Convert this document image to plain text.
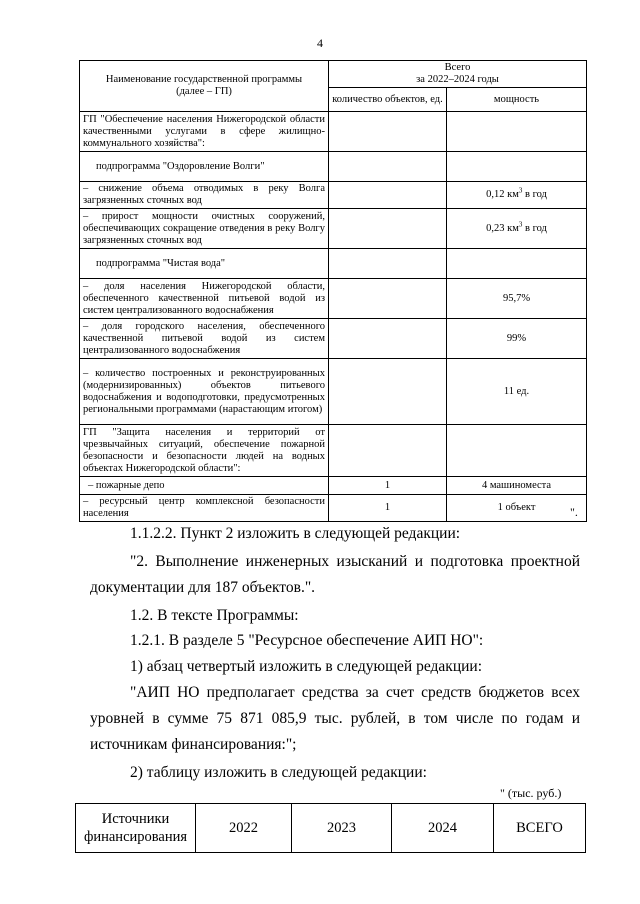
4
Наименование государственной программы (далее – ГП)	Всего
за 2022–2024 годы	

	количество объектов, ед.	мощность
ГП "Обеспечение населения Нижегородской области качественными услугами в сфере жилищно-коммунального хозяйства":		
подпрограмма "Оздоровление Волги"		
– снижение объема отводимых в реку Волга загрязненных сточных вод		0,12 $км^3$ в год
– прирост мощности очистных сооружений, обеспечивающих сокращение отведения в реку Волгу загрязненных сточных вод		0,23 $км^3$ в год
подпрограмма "Чистая вода"		
– доля населения Нижегородской области, обеспеченного качественной питьевой водой из систем централизованного водоснабжения		95,7%
– доля городского населения, обеспеченного качественной питьевой водой из систем централизованного водоснабжения		99%
– количество построенных и реконструированных (модернизированных) объектов питьевого водоснабжения и водоподготовки, предусмотренных региональными программами (нарастающим итогом)		11 ед.
ГП "Защита населения и территорий от чрезвычайных ситуаций, обеспечение пожарной безопасности и безопасности людей на водных объектах Нижегородской области":		
– пожарные депо	1	4 машиноместа
– ресурсный центр комплексной безопасности населения	1	1 объект	".
1.1.2.2. Пункт 2 изложить в следующей редакции:
"2. Выполнение инженерных изысканий и подготовка проектной документации для 187 объектов.".
1.2. В тексте Программы:
1.2.1. В разделе 5 "Ресурсное обеспечение АИП НО":
1) абзац четвертый изложить в следующей редакции:
"АИП НО предполагает средства за счет средств бюджетов всех уровней в сумме 75 871 085,9 тыс. рублей, в том числе по годам и источникам финансирования:";
2) таблицу изложить в следующей редакции:
" (тыс. руб.)
Источники финансирования	2022	2023	2024	ВСЕГО
